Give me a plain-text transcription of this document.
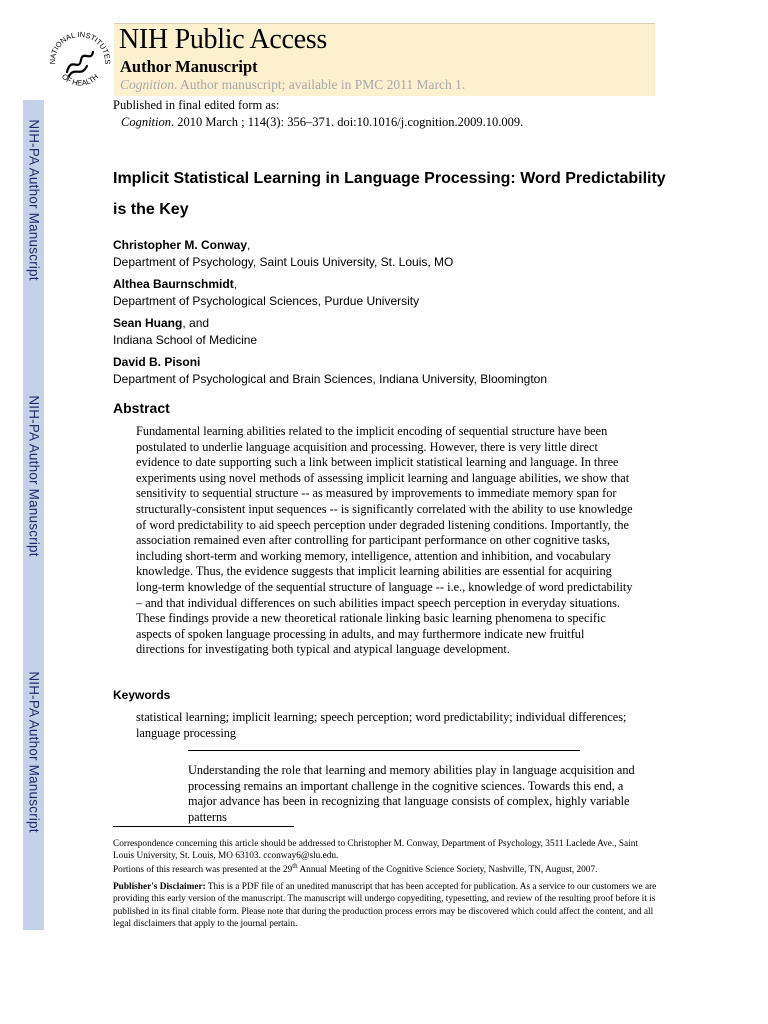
NIH-PA Author Manuscript
NIH-PA Author Manuscript
NIH-PA Author Manuscript
NATIONAL INSTITUTES
OF HEALTH
NIH Public Access
Author Manuscript
Cognition. Author manuscript; available in PMC 2011 March 1.
Published in final edited form as:
Cognition. 2010 March ; 114(3): 356–371. doi:10.1016/j.cognition.2009.10.009.
Implicit Statistical Learning in Language Processing: Word Predictability is the Key
Christopher M. Conway,
Department of Psychology, Saint Louis University, St. Louis, MO
Althea Baurnschmidt,
Department of Psychological Sciences, Purdue University
Sean Huang, and
Indiana School of Medicine
David B. Pisoni
Department of Psychological and Brain Sciences, Indiana University, Bloomington
Abstract
Fundamental learning abilities related to the implicit encoding of sequential structure have been postulated to underlie language acquisition and processing. However, there is very little direct evidence to date supporting such a link between implicit statistical learning and language. In three experiments using novel methods of assessing implicit learning and language abilities, we show that sensitivity to sequential structure -- as measured by improvements to immediate memory span for structurally-consistent input sequences -- is significantly correlated with the ability to use knowledge of word predictability to aid speech perception under degraded listening conditions. Importantly, the association remained even after controlling for participant performance on other cognitive tasks, including short-term and working memory, intelligence, attention and inhibition, and vocabulary knowledge. Thus, the evidence suggests that implicit learning abilities are essential for acquiring long-term knowledge of the sequential structure of language -- i.e., knowledge of word predictability – and that individual differences on such abilities impact speech perception in everyday situations. These findings provide a new theoretical rationale linking basic learning phenomena to specific aspects of spoken language processing in adults, and may furthermore indicate new fruitful directions for investigating both typical and atypical language development.
Keywords
statistical learning; implicit learning; speech perception; word predictability; individual differences; language processing
Understanding the role that learning and memory abilities play in language acquisition and processing remains an important challenge in the cognitive sciences. Towards this end, a major advance has been in recognizing that language consists of complex, highly variable patterns
Correspondence concerning this article should be addressed to Christopher M. Conway, Department of Psychology, 3511 Laclede Ave., Saint Louis University, St. Louis, MO 63103. cconway6@slu.edu.
Portions of this research was presented at the 29th Annual Meeting of the Cognitive Science Society, Nashville, TN, August, 2007.
Publisher's Disclaimer: This is a PDF file of an unedited manuscript that has been accepted for publication. As a service to our customers we are providing this early version of the manuscript. The manuscript will undergo copyediting, typesetting, and review of the resulting proof before it is published in its final citable form. Please note that during the production process errors may be discovered which could affect the content, and all legal disclaimers that apply to the journal pertain.
